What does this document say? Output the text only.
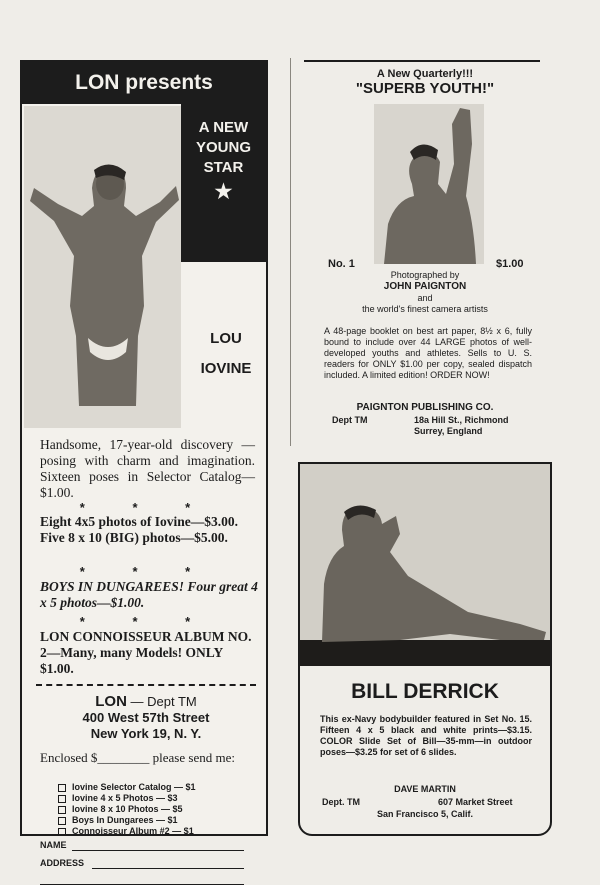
LON presents
A NEW
YOUNG
STAR
★
LOU
IOVINE
Handsome, 17-year-old discovery —posing with charm and imagination. Sixteen poses in Selector Catalog—$1.00.
* * *
Eight 4x5 photos of Iovine—$3.00. Five 8 x 10 (BIG) photos—$5.00.
* * *
BOYS IN DUNGAREES! Four great 4 x 5 photos—$1.00.
* * *
LON CONNOISSEUR ALBUM NO. 2—Many, many Models! ONLY $1.00.
LON — Dept TM
400 West 57th Street
New York 19, N. Y.
Enclosed $________ please send me:
Iovine Selector Catalog — $1
Iovine 4 x 5 Photos — $3
Iovine 8 x 10 Photos — $5
Boys In Dungarees — $1
Connoisseur Album #2 — $1
NAME
ADDRESS
A New Quarterly!!!
"SUPERB YOUTH!"
No. 1	$1.00
Photographed by
JOHN PAIGNTON
and
the world's finest camera artists
A 48-page booklet on best art paper, 8½ x 6, fully bound to include over 44 LARGE photos of well-developed youths and athletes. Sells to U. S. readers for ONLY $1.00 per copy, sealed dispatch included. A limited edition! ORDER NOW!
PAIGNTON PUBLISHING CO.
Dept TM	18a Hill St., Richmond
Surrey, England
BILL DERRICK
This ex-Navy bodybuilder featured in Set No. 15. Fifteen 4 x 5 black and white prints—$3.15. COLOR Slide Set of Bill—35-mm—in outdoor poses—$3.25 for set of 6 slides.
DAVE MARTIN
Dept. TM	607 Market Street
San Francisco 5, Calif.
